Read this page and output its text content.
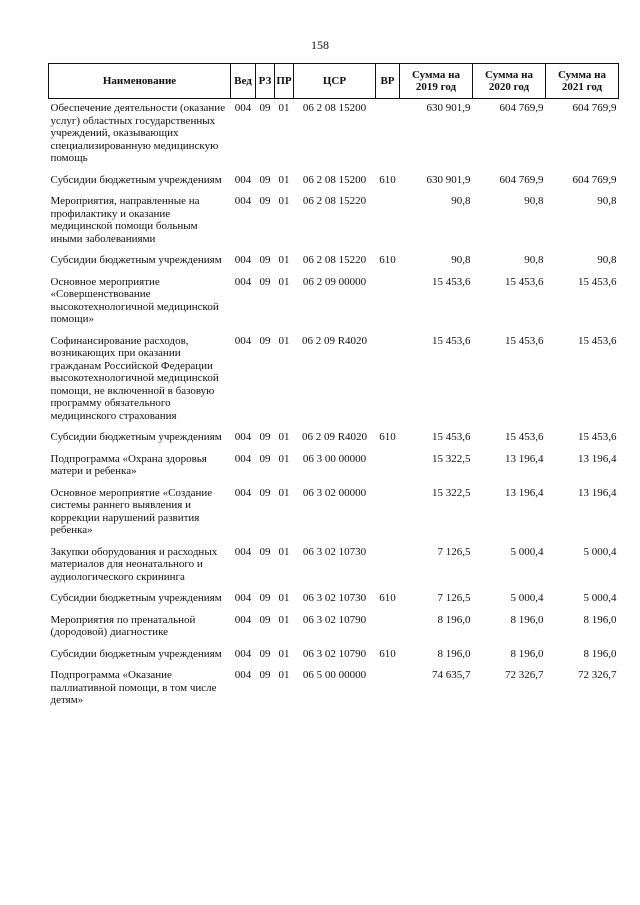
158
Наименование	Вед	РЗ	ПР	ЦСР	ВР	Сумма на 2019 год	Сумма на 2020 год	Сумма на 2021 год
Обеспечение деятельности (оказание услуг) областных государственных учреждений, оказывающих специализированную медицинскую помощь	004	09	01	06 2 08 15200		630 901,9	604 769,9	604 769,9
Субсидии бюджетным учреждениям	004	09	01	06 2 08 15200	610	630 901,9	604 769,9	604 769,9
Мероприятия, направленные на профилактику и оказание медицинской помощи больным иными заболеваниями	004	09	01	06 2 08 15220		90,8	90,8	90,8
Субсидии бюджетным учреждениям	004	09	01	06 2 08 15220	610	90,8	90,8	90,8
Основное мероприятие «Совершенствование высокотехнологичной медицинской помощи»	004	09	01	06 2 09 00000		15 453,6	15 453,6	15 453,6
Софинансирование расходов, возникающих при оказании гражданам Российской Федерации высокотехнологичной медицинской помощи, не включенной в базовую программу обязательного медицинского страхования	004	09	01	06 2 09 R4020		15 453,6	15 453,6	15 453,6
Субсидии бюджетным учреждениям	004	09	01	06 2 09 R4020	610	15 453,6	15 453,6	15 453,6
Подпрограмма «Охрана здоровья матери и ребенка»	004	09	01	06 3 00 00000		15 322,5	13 196,4	13 196,4
Основное мероприятие «Создание системы раннего выявления и коррекции нарушений развития ребенка»	004	09	01	06 3 02 00000		15 322,5	13 196,4	13 196,4
Закупки оборудования и расходных материалов для неонатального и аудиологического скрининга	004	09	01	06 3 02 10730		7 126,5	5 000,4	5 000,4
Субсидии бюджетным учреждениям	004	09	01	06 3 02 10730	610	7 126,5	5 000,4	5 000,4
Мероприятия по пренатальной (дородовой) диагностике	004	09	01	06 3 02 10790		8 196,0	8 196,0	8 196,0
Субсидии бюджетным учреждениям	004	09	01	06 3 02 10790	610	8 196,0	8 196,0	8 196,0
Подпрограмма «Оказание паллиативной помощи, в том числе детям»	004	09	01	06 5 00 00000		74 635,7	72 326,7	72 326,7
